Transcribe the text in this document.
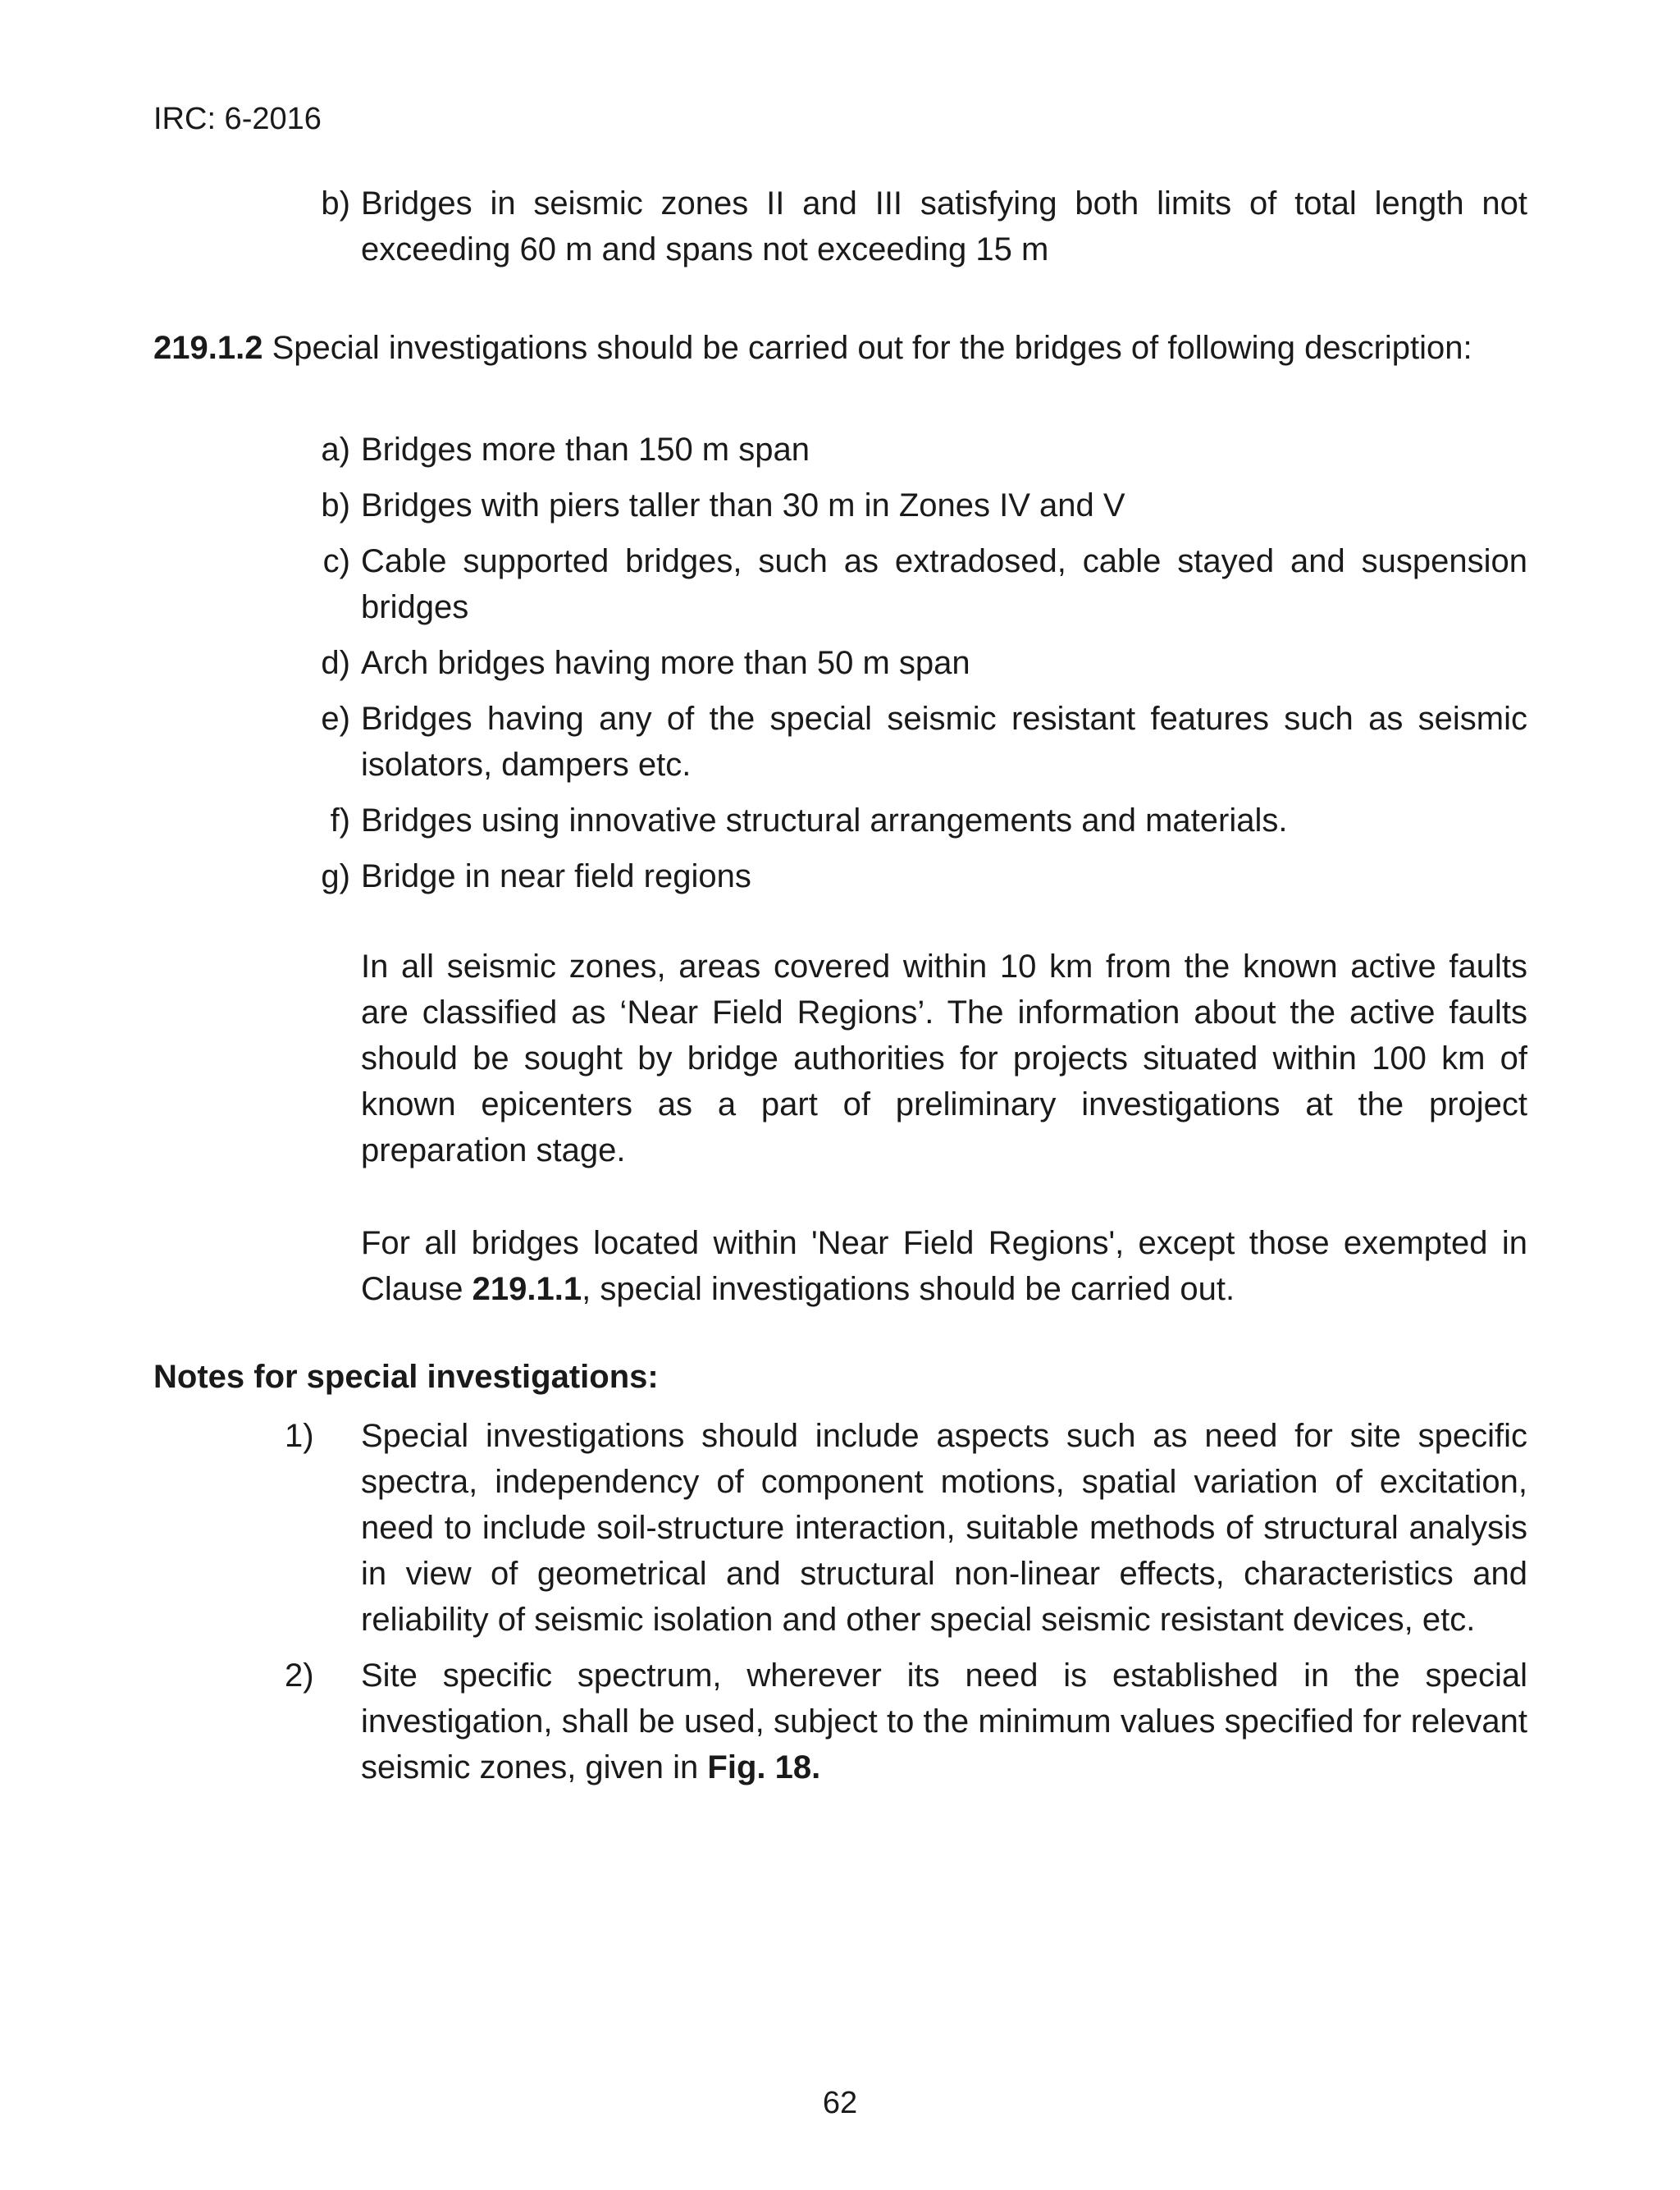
IRC: 6-2016
b) Bridges in seismic zones II and III satisfying both limits of total length not exceeding 60 m and spans not exceeding 15 m
219.1.2 Special investigations should be carried out for the bridges of following description:
a) Bridges more than 150 m span
b) Bridges with piers taller than 30 m in Zones IV and V
c) Cable supported bridges, such as extradosed, cable stayed and suspension bridges
d) Arch bridges having more than 50 m span
e) Bridges having any of the special seismic resistant features such as seismic isolators, dampers etc.
f) Bridges using innovative structural arrangements and materials.
g) Bridge in near field regions
In all seismic zones, areas covered within 10 km from the known active faults are classified as ‘Near Field Regions’. The information about the active faults should be sought by bridge authorities for projects situated within 100 km of known epicenters as a part of preliminary investigations at the project preparation stage.
For all bridges located within 'Near Field Regions', except those exempted in Clause 219.1.1, special investigations should be carried out.
Notes for special investigations:
1)	Special investigations should include aspects such as need for site specific spectra, independency of component motions, spatial variation of excitation, need to include soil-structure interaction, suitable methods of structural analysis in view of geometrical and structural non-linear effects, characteristics and reliability of seismic isolation and other special seismic resistant devices, etc.
2)	Site specific spectrum, wherever its need is established in the special investigation, shall be used, subject to the minimum values specified for relevant seismic zones, given in Fig. 18.
62
